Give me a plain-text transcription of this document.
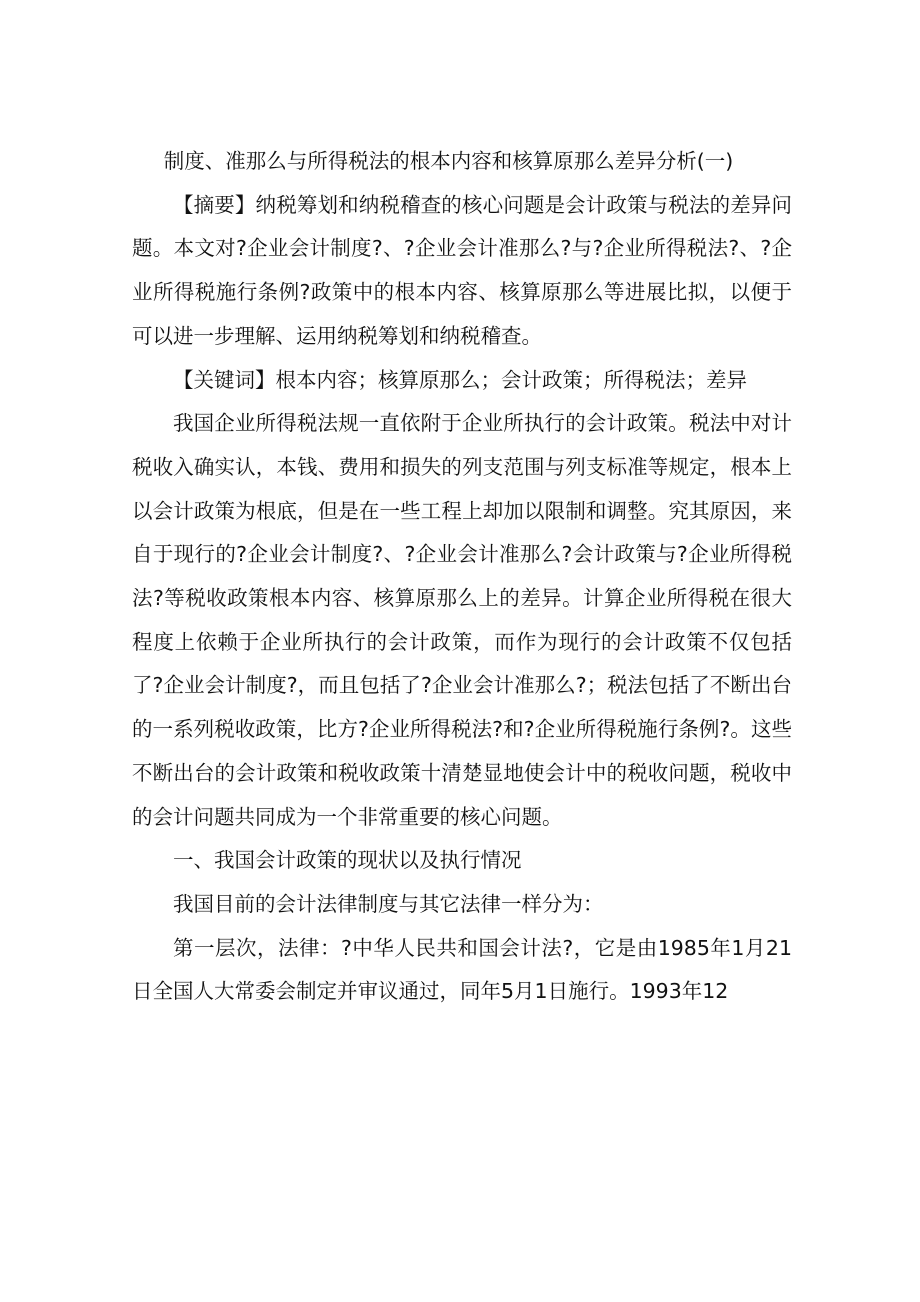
制度、准那么与所得税法的根本内容和核算原那么差异分析(一)

【摘要】纳税筹划和纳税稽查的核心问题是会计政策与税法的差异问题。本文对?企业会计制度?、?企业会计准那么?与?企业所得税法?、?企业所得税施行条例?政策中的根本内容、核算原那么等进展比拟，以便于可以进一步理解、运用纳税筹划和纳税稽查。

【关键词】根本内容；核算原那么；会计政策；所得税法；差异

我国企业所得税法规一直依附于企业所执行的会计政策。税法中对计税收入确实认，本钱、费用和损失的列支范围与列支标准等规定，根本上以会计政策为根底，但是在一些工程上却加以限制和调整。究其原因，来自于现行的?企业会计制度?、?企业会计准那么?会计政策与?企业所得税法?等税收政策根本内容、核算原那么上的差异。计算企业所得税在很大程度上依赖于企业所执行的会计政策，而作为现行的会计政策不仅包括了?企业会计制度?，而且包括了?企业会计准那么?；税法包括了不断出台的一系列税收政策，比方?企业所得税法?和?企业所得税施行条例?。这些不断出台的会计政策和税收政策十清楚显地使会计中的税收问题，税收中的会计问题共同成为一个非常重要的核心问题。

一、我国会计政策的现状以及执行情况

我国目前的会计法律制度与其它法律一样分为：

第一层次，法律：?中华人民共和国会计法?，它是由1985年1月21日全国人大常委会制定并审议通过，同年5月1日施行。1993年12
